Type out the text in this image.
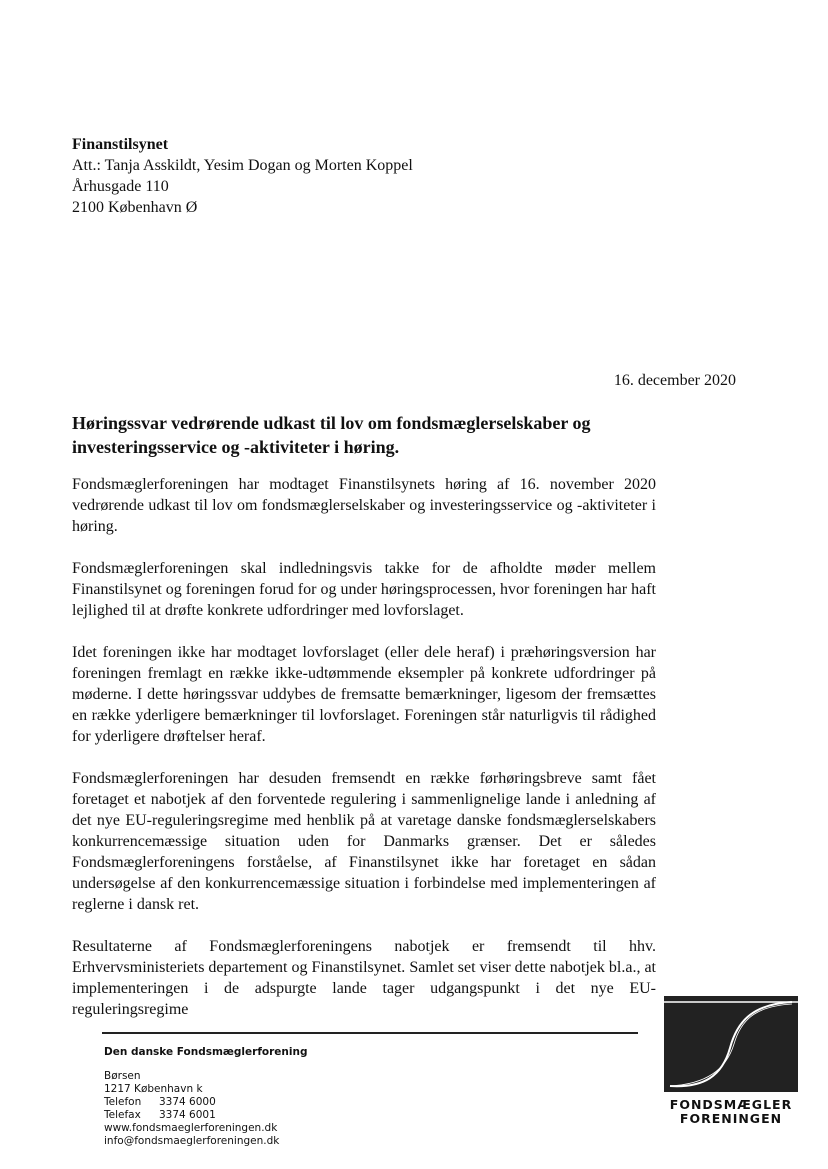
Finanstilsynet
Att.: Tanja Asskildt, Yesim Dogan og Morten Koppel
Århusgade 110
2100 København Ø
16. december 2020
Høringssvar vedrørende udkast til lov om fondsmæglerselskaber og investeringsservice og -aktiviteter i høring.

Fondsmæglerforeningen har modtaget Finanstilsynets høring af 16. november 2020 vedrørende udkast til lov om fondsmæglerselskaber og investeringsservice og -aktiviteter i høring.

Fondsmæglerforeningen skal indledningsvis takke for de afholdte møder mellem Finanstilsynet og foreningen forud for og under høringsprocessen, hvor foreningen har haft lejlighed til at drøfte konkrete udfordringer med lovforslaget.

Idet foreningen ikke har modtaget lovforslaget (eller dele heraf) i præhøringsversion har foreningen fremlagt en række ikke-udtømmende eksempler på konkrete udfordringer på møderne. I dette høringssvar uddybes de fremsatte bemærkninger, ligesom der fremsættes en række yderligere bemærkninger til lovforslaget. Foreningen står naturligvis til rådighed for yderligere drøftelser heraf.

Fondsmæglerforeningen har desuden fremsendt en række førhøringsbreve samt fået foretaget et nabotjek af den forventede regulering i sammenlignelige lande i anledning af det nye EU-reguleringsregime med henblik på at varetage danske fondsmæglerselskabers konkurrencemæssige situation uden for Danmarks grænser. Det er således Fondsmæglerforeningens forståelse, af Finanstilsynet ikke har foretaget en sådan undersøgelse af den konkurrencemæssige situation i forbindelse med implementeringen af reglerne i dansk ret.

Resultaterne af Fondsmæglerforeningens nabotjek er fremsendt til hhv. Erhvervsministeriets departement og Finanstilsynet. Samlet set viser dette nabotjek bl.a., at implementeringen i de adspurgte lande tager udgangspunkt i det nye EU-reguleringsregime

Den danske Fondsmæglerforening
Børsen
1217 København k
Telefon	3374 6000
Telefax	3374 6001
www.fondsmaeglerforeningen.dk
info@fondsmaeglerforeningen.dk
FONDSMÆGLER
FORENINGEN
